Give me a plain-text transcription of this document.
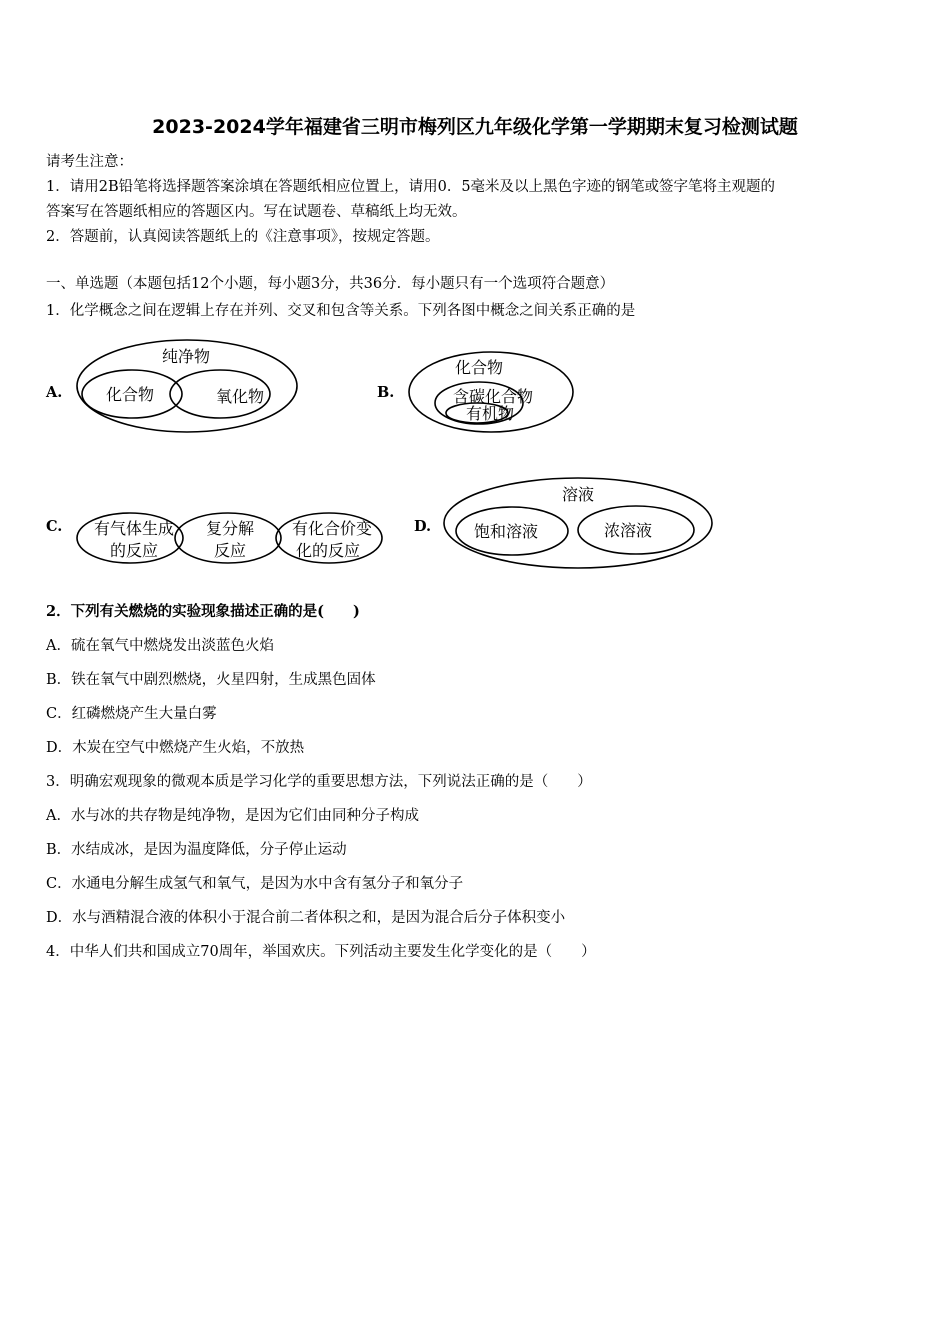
2023-2024学年福建省三明市梅列区九年级化学第一学期期末复习检测试题
请考生注意：
1．请用2B铅笔将选择题答案涂填在答题纸相应位置上，请用0．5毫米及以上黑色字迹的钢笔或签字笔将主观题的
答案写在答题纸相应的答题区内。写在试题卷、草稿纸上均无效。
2．答题前，认真阅读答题纸上的《注意事项》，按规定答题。
一、单选题（本题包括12个小题，每小题3分，共36分．每小题只有一个选项符合题意）
1．化学概念之间在逻辑上存在并列、交叉和包含等关系。下列各图中概念之间关系正确的是
A.
纯净物
化合物	氧化物	B.
化合物
含碳化合物
有机物
C. 有气体生成
的反应
复分解
反应
有化合价变
化的反应
D.
溶液
饱和溶液	浓溶液
2．下列有关燃烧的实验现象描述正确的是(　　)
A．硫在氧气中燃烧发出淡蓝色火焰
B．铁在氧气中剧烈燃烧，火星四射，生成黑色固体
C．红磷燃烧产生大量白雾
D．木炭在空气中燃烧产生火焰，不放热
3．明确宏观现象的微观本质是学习化学的重要思想方法，下列说法正确的是（　　）
A．水与冰的共存物是纯净物，是因为它们由同种分子构成
B．水结成冰，是因为温度降低，分子停止运动
C．水通电分解生成氢气和氧气，是因为水中含有氢分子和氧分子
D．水与酒精混合液的体积小于混合前二者体积之和，是因为混合后分子体积变小
4．中华人们共和国成立70周年，举国欢庆。下列活动主要发生化学变化的是（　　）
